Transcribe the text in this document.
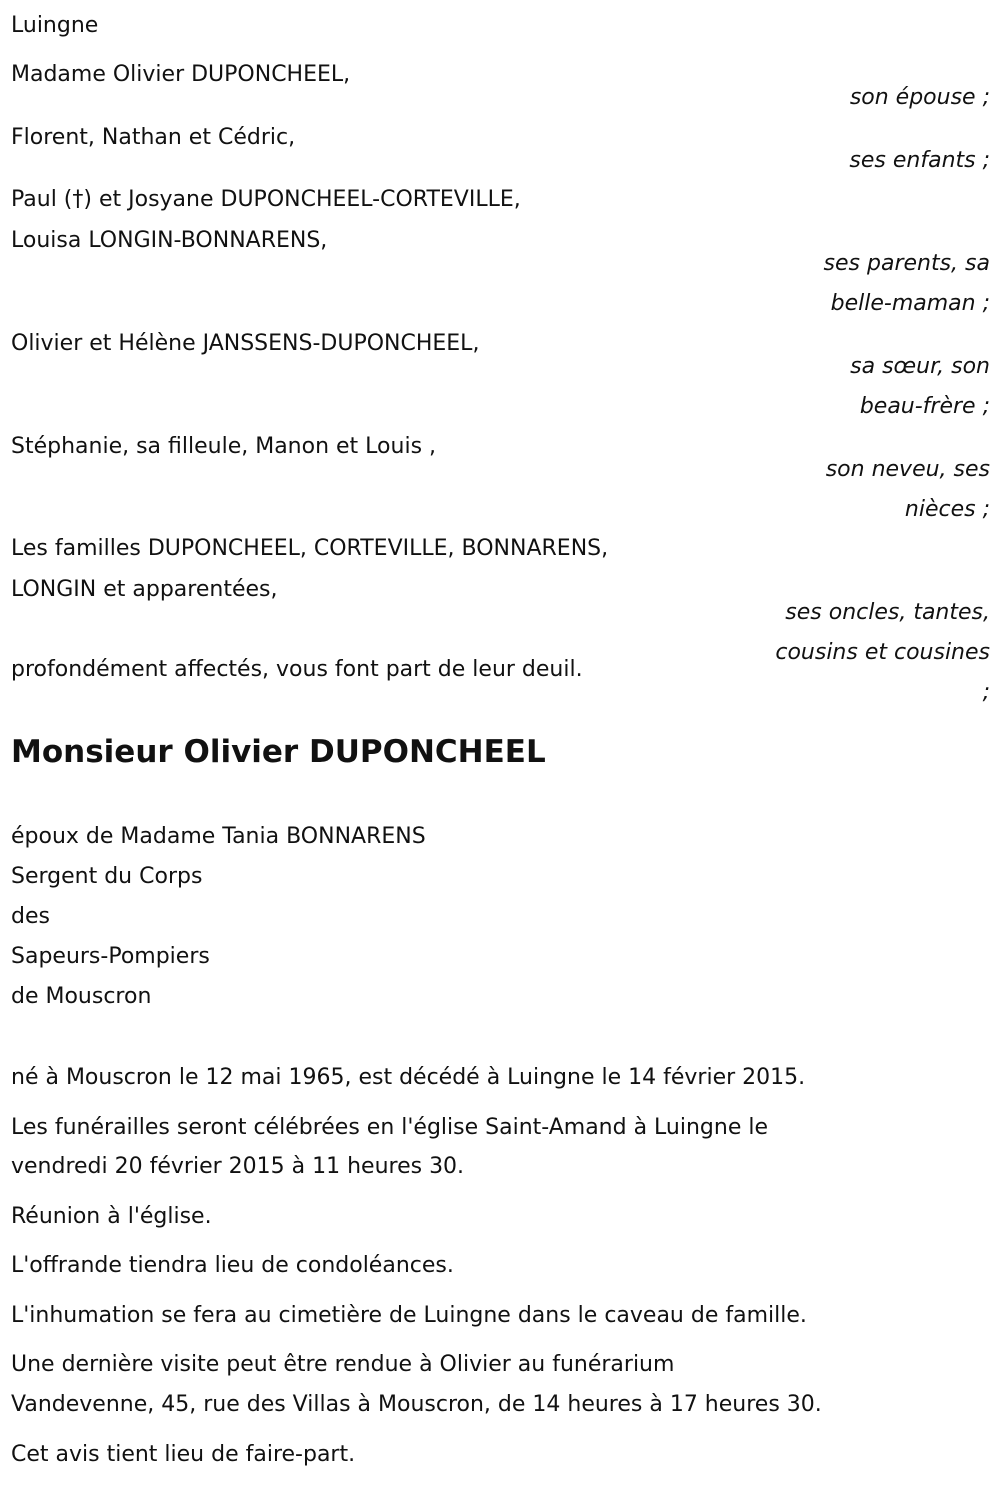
Luingne
Madame Olivier DUPONCHEEL,
son épouse ;
Florent, Nathan et Cédric,
ses enfants ;
Paul (†) et Josyane DUPONCHEEL-CORTEVILLE,
Louisa LONGIN-BONNARENS,
ses parents, sa
belle-maman ;
Olivier et Hélène JANSSENS-DUPONCHEEL,
sa sœur, son
beau-frère ;
Stéphanie, sa filleule, Manon et Louis ,
son neveu, ses
nièces ;
Les familles DUPONCHEEL, CORTEVILLE, BONNARENS,
LONGIN et apparentées,
ses oncles, tantes,
cousins et cousines
;
profondément affectés, vous font part de leur deuil.
Monsieur Olivier DUPONCHEEL
époux de Madame Tania BONNARENS
Sergent du Corps
des
Sapeurs-Pompiers
de Mouscron
né à Mouscron le 12 mai 1965, est décédé à Luingne le 14 février 2015.
Les funérailles seront célébrées en l'église Saint-Amand à Luingne le
vendredi 20 février 2015 à 11 heures 30.
Réunion à l'église.
L'offrande tiendra lieu de condoléances.
L'inhumation se fera au cimetière de Luingne dans le caveau de famille.
Une dernière visite peut être rendue à Olivier au funérarium
Vandevenne, 45, rue des Villas à Mouscron, de 14 heures à 17 heures 30.
Cet avis tient lieu de faire-part.
